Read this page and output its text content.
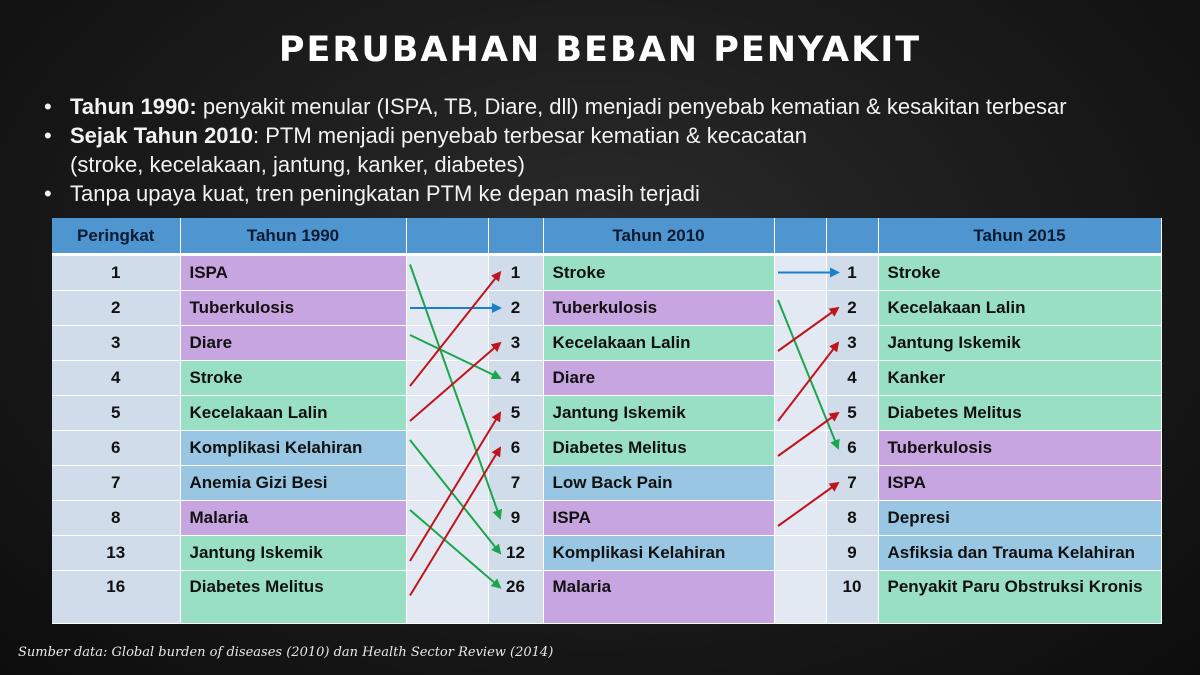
PERUBAHAN BEBAN PENYAKIT
• Tahun 1990: penyakit menular (ISPA, TB, Diare, dll) menjadi penyebab kematian & kesakitan terbesar
• Sejak Tahun 2010: PTM menjadi penyebab terbesar kematian & kecacatan
(stroke, kecelakaan, jantung, kanker, diabetes)
• Tanpa upaya kuat, tren peningkatan PTM ke depan masih terjadi
Peringkat	Tahun 1990			Tahun 2010			Tahun 2015
1	ISPA		1	Stroke		1	Stroke
2	Tuberkulosis		2	Tuberkulosis		2	Kecelakaan Lalin
3	Diare		3	Kecelakaan Lalin		3	Jantung Iskemik
4	Stroke		4	Diare		4	Kanker
5	Kecelakaan Lalin		5	Jantung Iskemik		5	Diabetes Melitus
6	Komplikasi Kelahiran		6	Diabetes Melitus		6	Tuberkulosis
7	Anemia Gizi Besi		7	Low Back Pain		7	ISPA
8	Malaria		9	ISPA		8	Depresi
13	Jantung Iskemik		12	Komplikasi Kelahiran		9	Asfiksia dan Trauma Kelahiran
16	Diabetes Melitus		26	Malaria		10	Penyakit Paru Obstruksi Kronis

Sumber data: Global burden of diseases (2010) dan Health Sector Review (2014)
